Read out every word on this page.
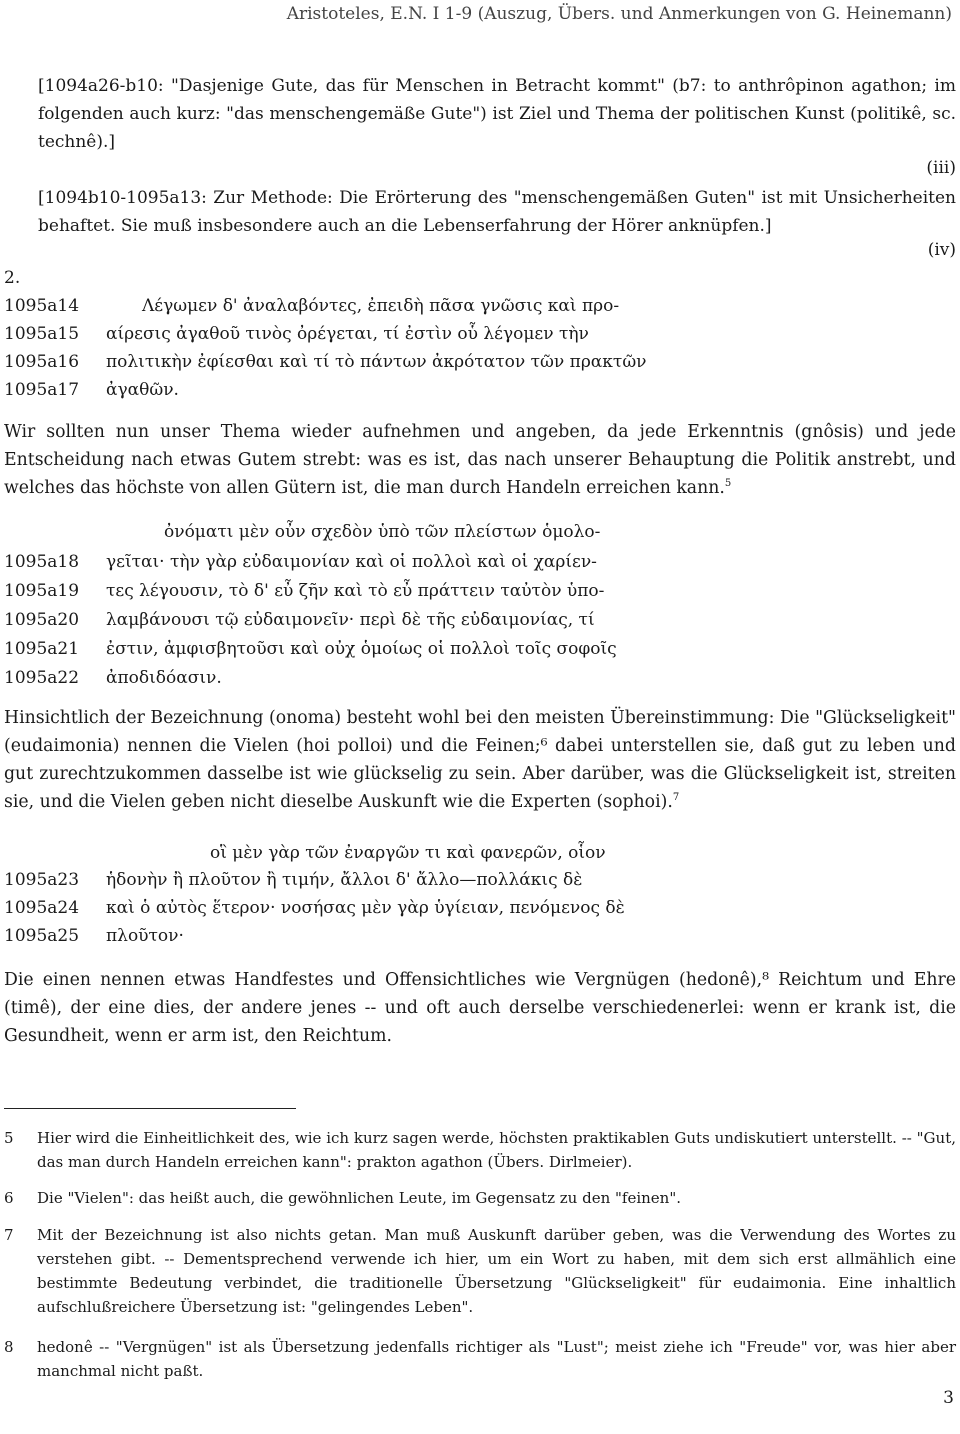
Aristoteles, E.N. I 1-9 (Auszug, Übers. und Anmerkungen von G. Heinemann)
[1094a26-b10: "Dasjenige Gute, das für Menschen in Betracht kommt" (b7: to anthrôpinon agathon; im folgenden auch kurz: "das menschengemäße Gute") ist Ziel und Thema der politischen Kunst (politikê, sc. technê).]
(iii)
[1094b10-1095a13: Zur Methode: Die Erörterung des "menschengemäßen Guten" ist mit Unsicherheiten behaftet. Sie muß insbesondere auch an die Lebenserfahrung der Hörer anknüpfen.]
(iv)
2.
1095a14	Λέγωμεν δ' ἀναλαβόντες, ἐπειδὴ πᾶσα γνῶσις καὶ προ-
1095a15	αίρεσις ἀγαθοῦ τινὸς ὀρέγεται, τί ἐστὶν οὗ λέγομεν τὴν
1095a16	πολιτικὴν ἐφίεσθαι καὶ τί τὸ πάντων ἀκρότατον τῶν πρακτῶν
1095a17	ἀγαθῶν.
Wir sollten nun unser Thema wieder aufnehmen und angeben, da jede Erkenntnis (gnôsis) und jede Entscheidung nach etwas Gutem strebt: was es ist, das nach unserer Behauptung die Politik anstrebt, und welches das höchste von allen Gütern ist, die man durch Handeln erreichen kann.$^5$
ὀνόματι μὲν οὖν σχεδὸν ὑπὸ τῶν πλείστων ὁμολο-
1095a18 γεῖται· τὴν γὰρ εὐδαιμονίαν καὶ οἱ πολλοὶ καὶ οἱ χαρίεν-
1095a19 τες λέγουσιν, τὸ δ' εὖ ζῆν καὶ τὸ εὖ πράττειν ταὐτὸν ὑπο-
1095a20 λαμβάνουσι τῷ εὐδαιμονεῖν· περὶ δὲ τῆς εὐδαιμονίας, τί
1095a21 ἐστιν, ἀμφισβητοῦσι καὶ οὐχ ὁμοίως οἱ πολλοὶ τοῖς σοφοῖς
1095a22 ἀποδιδόασιν.
Hinsichtlich der Bezeichnung (onoma) besteht wohl bei den meisten Übereinstimmung: Die "Glückseligkeit" (eudaimonia) nennen die Vielen (hoi polloi) und die Feinen;⁶ dabei unterstellen sie, daß gut zu leben und gut zurechtzukommen dasselbe ist wie glückselig zu sein. Aber darüber, was die Glückseligkeit ist, streiten sie, und die Vielen geben nicht dieselbe Auskunft wie die Experten (sophoi).$^7$
οἳ μὲν γὰρ τῶν ἐναργῶν τι καὶ φανερῶν, οἷον
1095a23 ἡδονὴν ἢ πλοῦτον ἢ τιμήν, ἄλλοι δ' ἄλλο—πολλάκις δὲ
1095a24 καὶ ὁ αὐτὸς ἕτερον· νοσήσας μὲν γὰρ ὑγίειαν, πενόμενος δὲ
1095a25 πλοῦτον·
Die einen nennen etwas Handfestes und Offensichtliches wie Vergnügen (hedonê),⁸ Reichtum und Ehre (timê), der eine dies, der andere jenes -- und oft auch derselbe verschiedenerlei: wenn er krank ist, die Gesundheit, wenn er arm ist, den Reichtum.
5 Hier wird die Einheitlichkeit des, wie ich kurz sagen werde, höchsten praktikablen Guts undiskutiert unterstellt. -- "Gut, das man durch Handeln erreichen kann": prakton agathon (Übers. Dirlmeier).
6 Die "Vielen": das heißt auch, die gewöhnlichen Leute, im Gegensatz zu den "feinen".
7 Mit der Bezeichnung ist also nichts getan. Man muß Auskunft darüber geben, was die Verwendung des Wortes zu verstehen gibt. -- Dementsprechend verwende ich hier, um ein Wort zu haben, mit dem sich erst allmählich eine bestimmte Bedeutung verbindet, die traditionelle Übersetzung "Glückseligkeit" für eudaimonia. Eine inhaltlich aufschlußreichere Übersetzung ist: "gelingendes Leben".
8 hedonê -- "Vergnügen" ist als Übersetzung jedenfalls richtiger als "Lust"; meist ziehe ich "Freude" vor, was hier aber manchmal nicht paßt.
3
